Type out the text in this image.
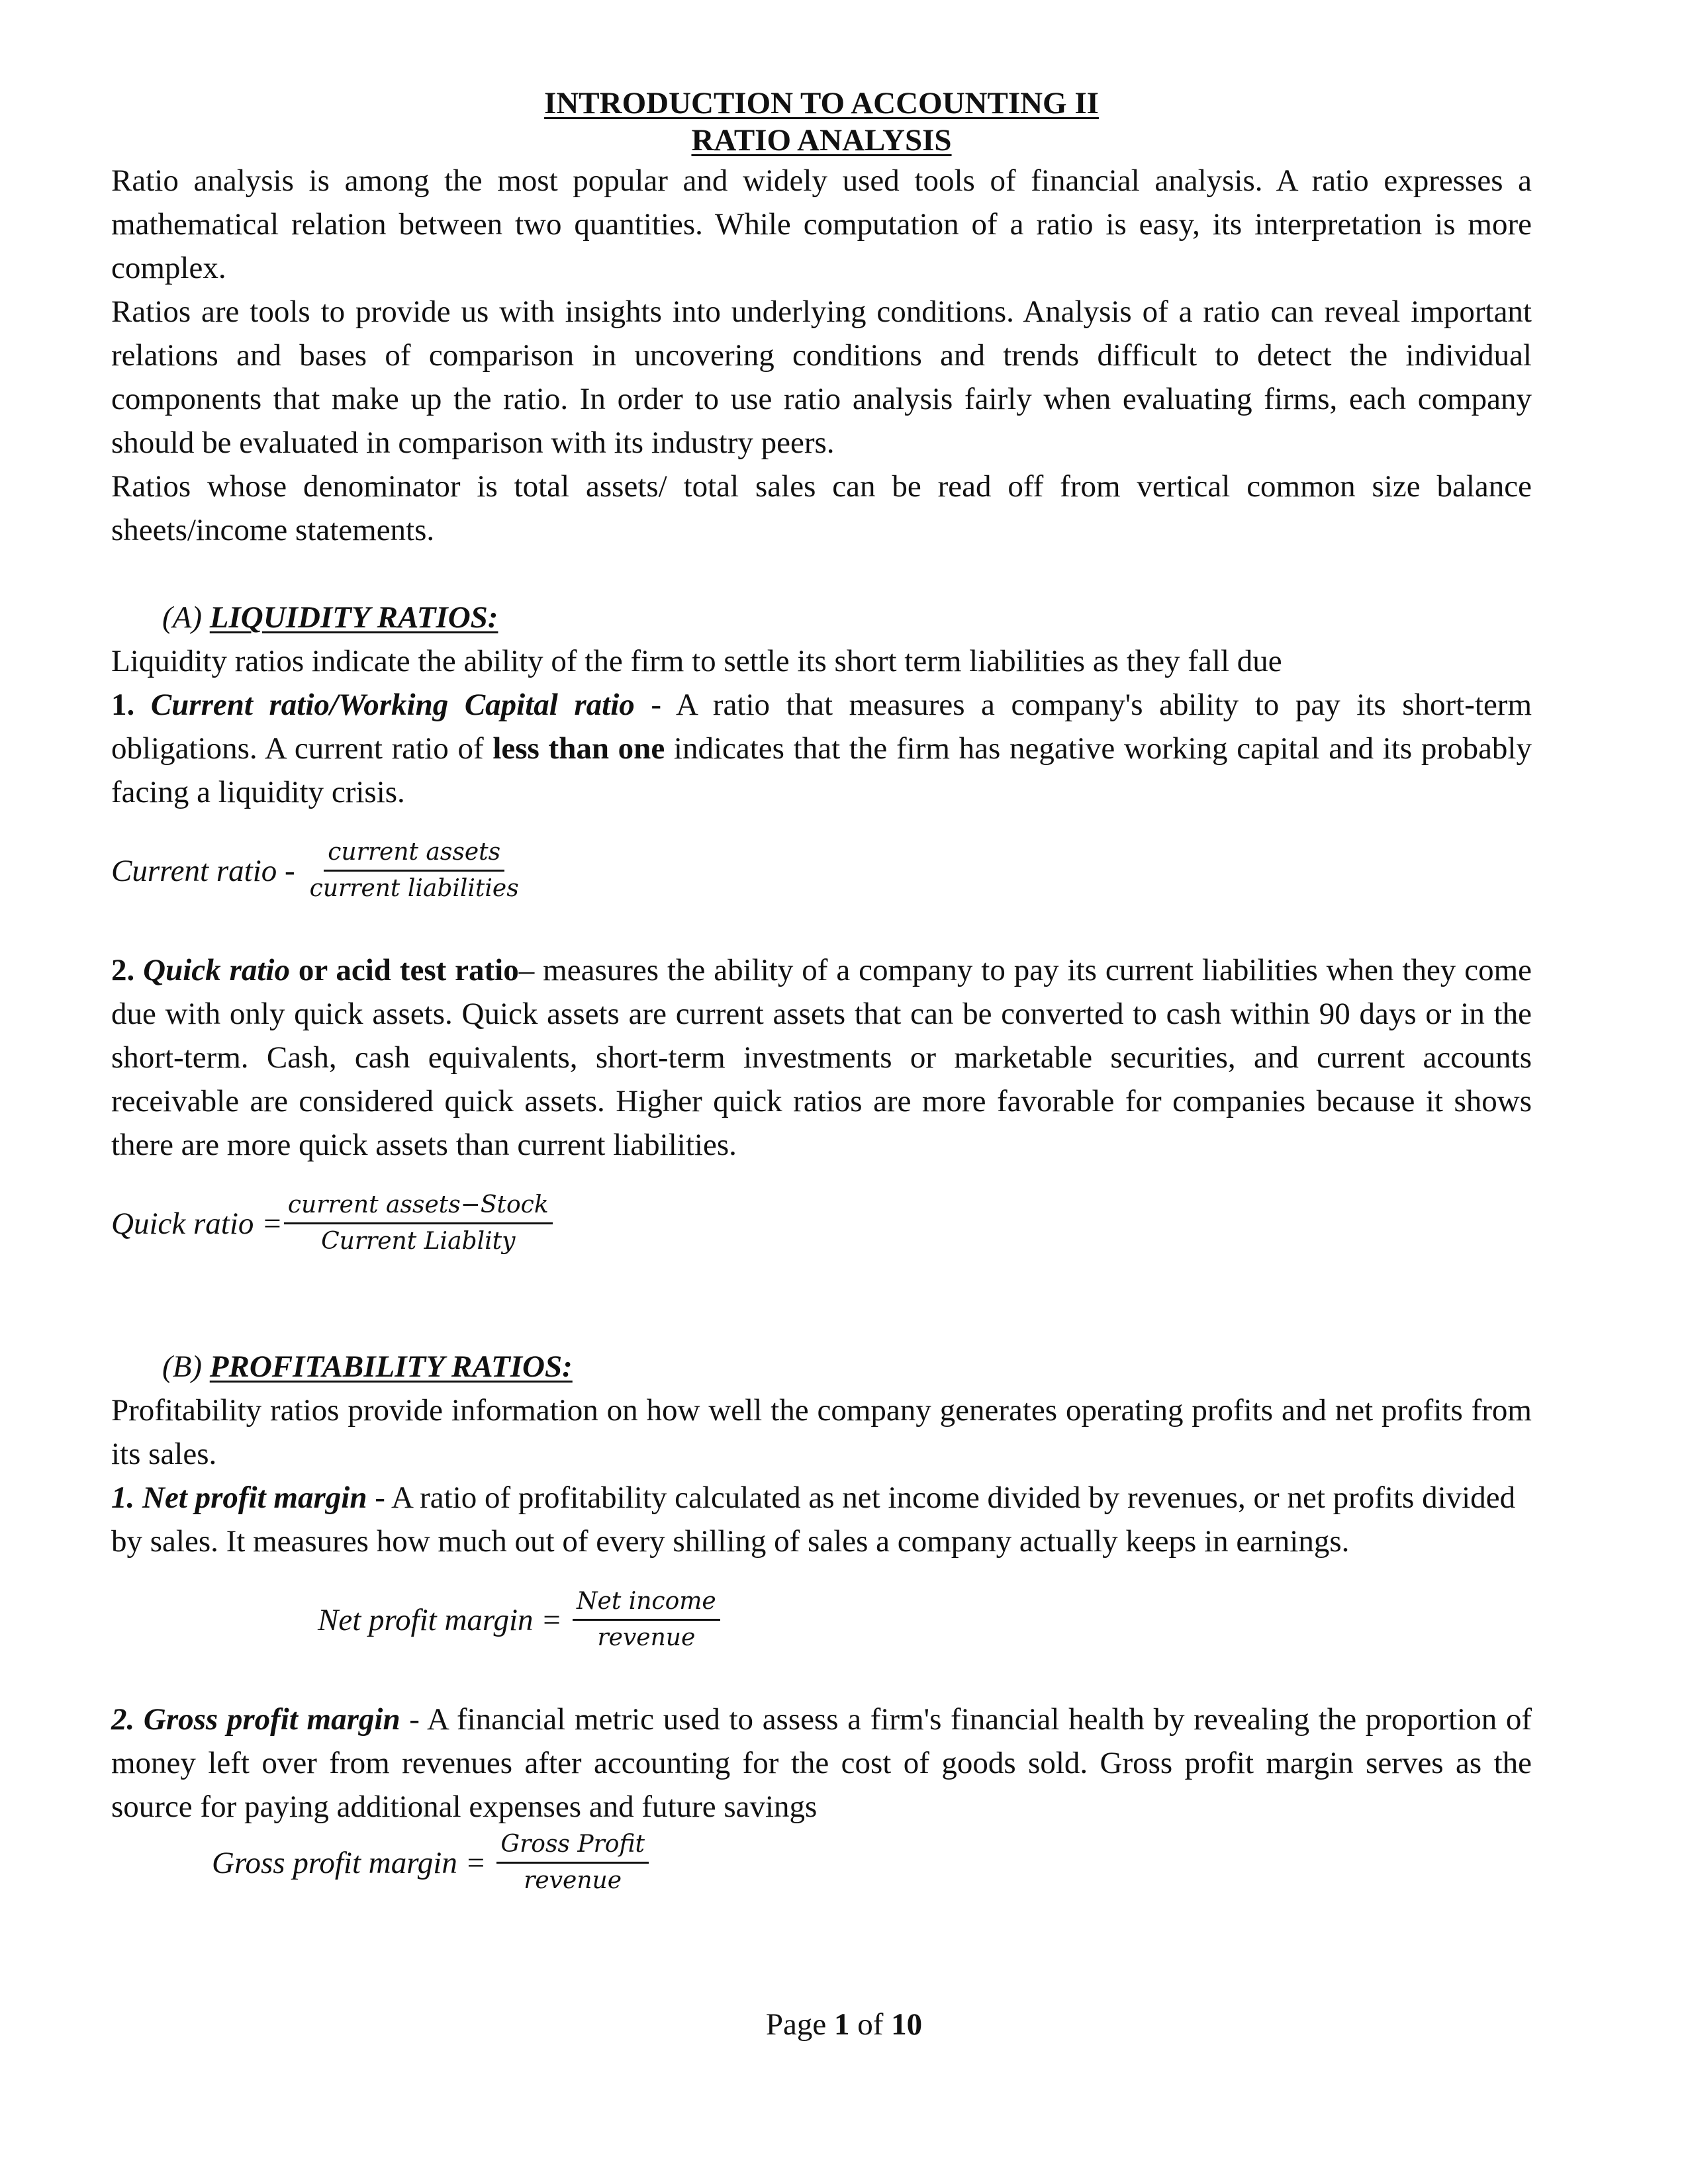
INTRODUCTION TO ACCOUNTING II
RATIO ANALYSIS

Ratio analysis is among the most popular and widely used tools of financial analysis. A ratio expresses a mathematical relation between two quantities. While computation of a ratio is easy, its interpretation is more complex.

Ratios are tools to provide us with insights into underlying conditions. Analysis of a ratio can reveal important relations and bases of comparison in uncovering conditions and trends difficult to detect the individual components that make up the ratio. In order to use ratio analysis fairly when evaluating firms, each company should be evaluated in comparison with its industry peers.

Ratios whose denominator is total assets/ total sales can be read off from vertical common size balance sheets/income statements.

(A) LIQUIDITY RATIOS:

Liquidity ratios indicate the ability of the firm to settle its short term liabilities as they fall due

1. Current ratio/Working Capital ratio - A ratio that measures a company's ability to pay its short-term obligations. A current ratio of less than one indicates that the firm has negative working capital and its probably facing a liquidity crisis.

Current ratio - $\frac{\text{current assets}}{\text{current liabilities}}$

2. Quick ratio or acid test ratio– measures the ability of a company to pay its current liabilities when they come due with only quick assets. Quick assets are current assets that can be converted to cash within 90 days or in the short-term. Cash, cash equivalents, short-term investments or marketable securities, and current accounts receivable are considered quick assets. Higher quick ratios are more favorable for companies because it shows there are more quick assets than current liabilities.

Quick ratio = $\frac{\text{current assets−Stock}}{\text{Current Liablity}}$
(B) PROFITABILITY RATIOS:

Profitability ratios provide information on how well the company generates operating profits and net profits from its sales.

1. Net profit margin - A ratio of profitability calculated as net income divided by revenues, or net profits divided by sales. It measures how much out of every shilling of sales a company actually keeps in earnings.

Net profit margin = $\frac{\text{Net income}}{\text{revenue}}$

2. Gross profit margin - A financial metric used to assess a firm's financial health by revealing the proportion of money left over from revenues after accounting for the cost of goods sold. Gross profit margin serves as the source for paying additional expenses and future savings

Gross profit margin = $\frac{\text{Gross Profit}}{\text{revenue}}$
Page 1 of 10
